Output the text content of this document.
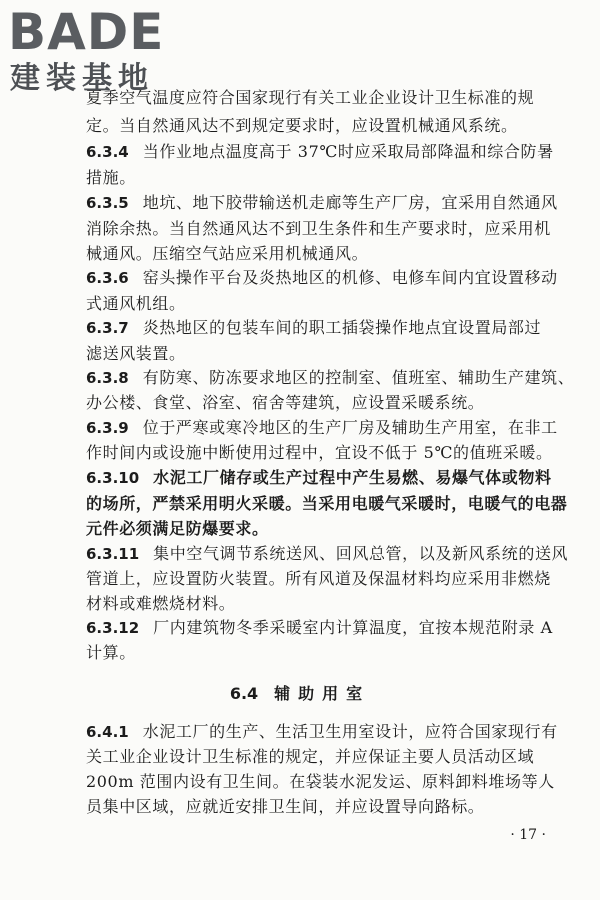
BADE
建装基地
夏季空气温度应符合国家现行有关工业企业设计卫生标准的规
定。当自然通风达不到规定要求时，应设置机械通风系统。
6.3.4 当作业地点温度高于 37℃时应采取局部降温和综合防暑
措施。
6.3.5 地坑、地下胶带输送机走廊等生产厂房，宜采用自然通风
消除余热。当自然通风达不到卫生条件和生产要求时，应采用机
械通风。压缩空气站应采用机械通风。
6.3.6 窑头操作平台及炎热地区的机修、电修车间内宜设置移动
式通风机组。
6.3.7 炎热地区的包装车间的职工插袋操作地点宜设置局部过
滤送风装置。
6.3.8 有防寒、防冻要求地区的控制室、值班室、辅助生产建筑、
办公楼、食堂、浴室、宿舍等建筑，应设置采暖系统。
6.3.9 位于严寒或寒冷地区的生产厂房及辅助生产用室，在非工
作时间内或设施中断使用过程中，宜设不低于 5℃的值班采暖。
6.3.10 水泥工厂储存或生产过程中产生易燃、易爆气体或物料
的场所，严禁采用明火采暖。当采用电暖气采暖时，电暖气的电器
元件必须满足防爆要求。
6.3.11 集中空气调节系统送风、回风总管，以及新风系统的送风
管道上，应设置防火装置。所有风道及保温材料均应采用非燃烧
材料或难燃烧材料。
6.3.12 厂内建筑物冬季采暖室内计算温度，宜按本规范附录 A
计算。
6.4 辅助用室
6.4.1 水泥工厂的生产、生活卫生用室设计，应符合国家现行有
关工业企业设计卫生标准的规定，并应保证主要人员活动区域
200m 范围内设有卫生间。在袋装水泥发运、原料卸料堆场等人
员集中区域，应就近安排卫生间，并应设置导向路标。
· 17 ·
